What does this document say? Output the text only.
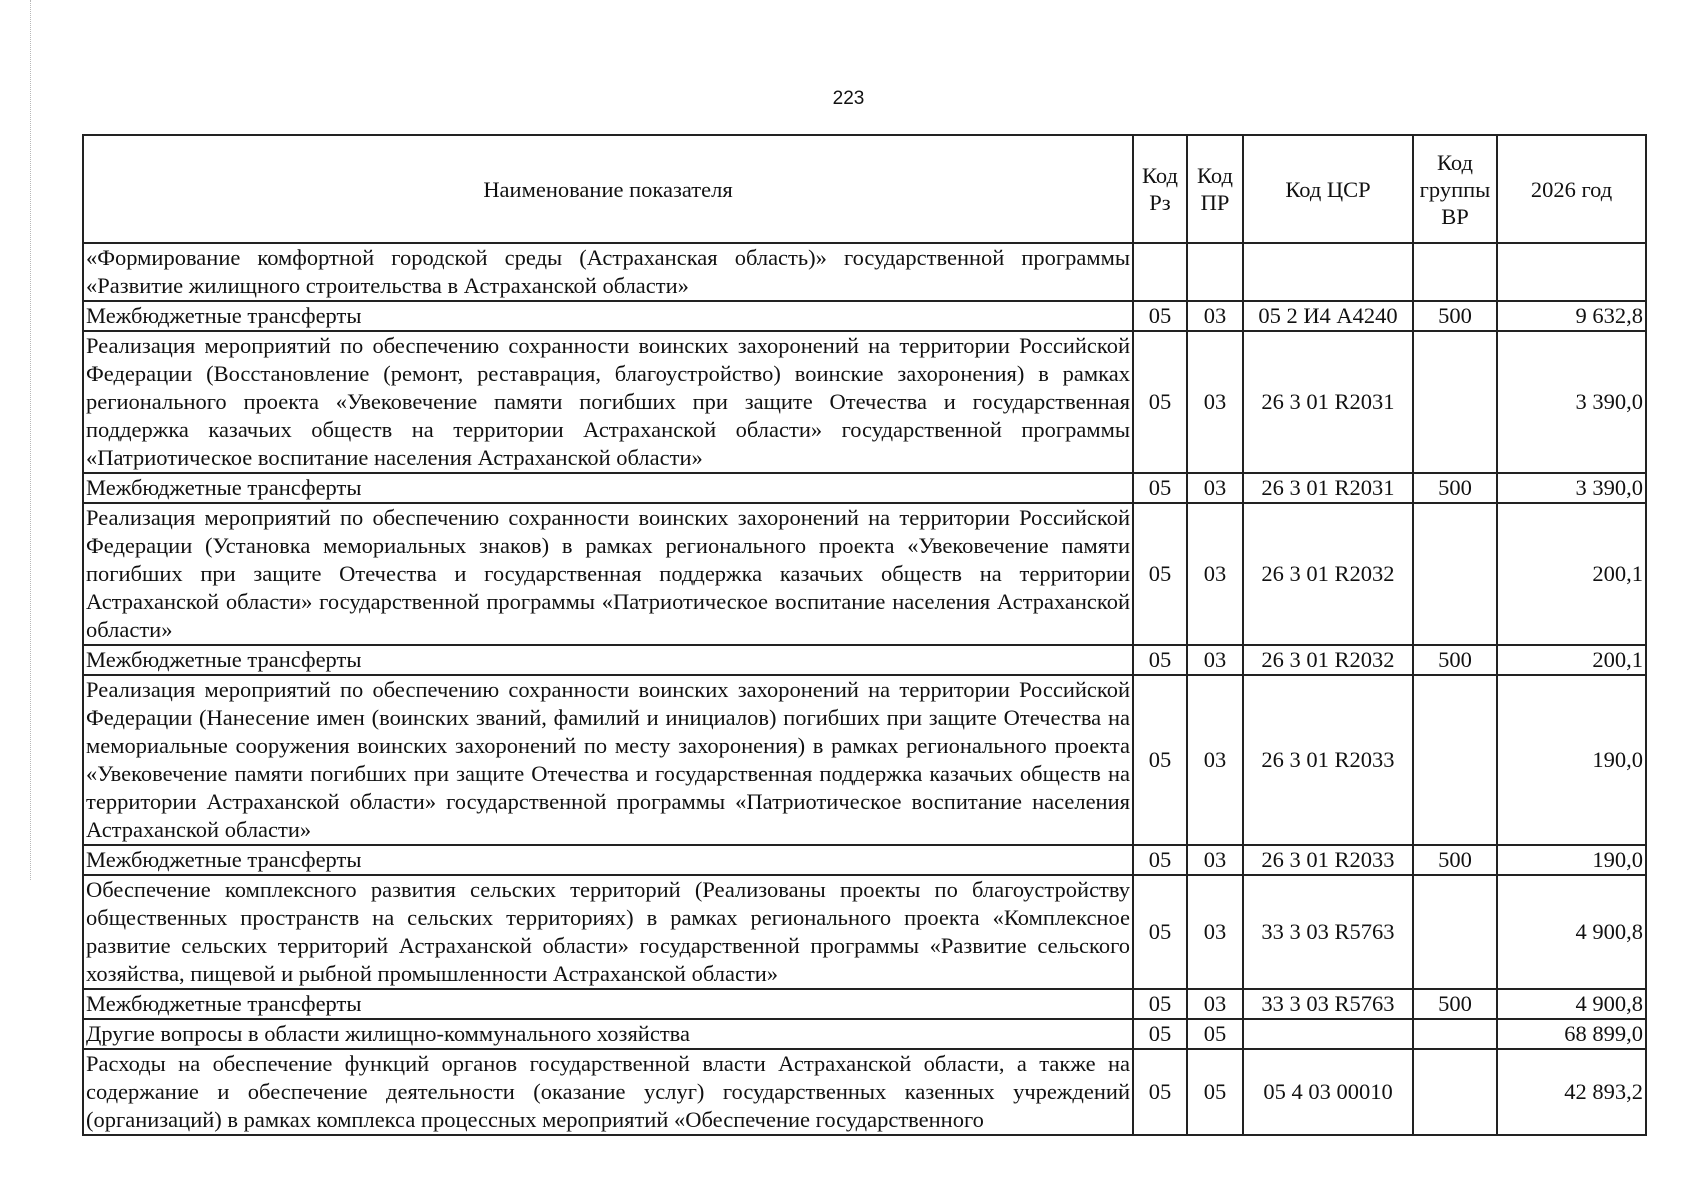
223
Наименование показателя	Код Рз	Код ПР	Код ЦСР	Код группы ВР	2026 год
«Формирование комфортной городской среды (Астраханская область)» государственной программы «Развитие жилищного строительства в Астраханской области»					
Межбюджетные трансферты	05	03	05 2 И4 А4240	500	9 632,8
Реализация мероприятий по обеспечению сохранности воинских захоронений на территории Российской Федерации (Восстановление (ремонт, реставрация, благоустройство) воинские захоронения) в рамках регионального проекта «Увековечение памяти погибших при защите Отечества и государственная поддержка казачьих обществ на территории Астраханской области» государственной программы «Патриотическое воспитание населения Астраханской области»	05	03	26 3 01 R2031		3 390,0
Межбюджетные трансферты	05	03	26 3 01 R2031	500	3 390,0
Реализация мероприятий по обеспечению сохранности воинских захоронений на территории Российской Федерации (Установка мемориальных знаков) в рамках регионального проекта «Увековечение памяти погибших при защите Отечества и государственная поддержка казачьих обществ на территории Астраханской области» государственной программы «Патриотическое воспитание населения Астраханской области»	05	03	26 3 01 R2032		200,1
Межбюджетные трансферты	05	03	26 3 01 R2032	500	200,1
Реализация мероприятий по обеспечению сохранности воинских захоронений на территории Российской Федерации (Нанесение имен (воинских званий, фамилий и инициалов) погибших при защите Отечества на мемориальные сооружения воинских захоронений по месту захоронения) в рамках регионального проекта «Увековечение памяти погибших при защите Отечества и государственная поддержка казачьих обществ на территории Астраханской области» государственной программы «Патриотическое воспитание населения Астраханской области»	05	03	26 3 01 R2033		190,0
Межбюджетные трансферты	05	03	26 3 01 R2033	500	190,0
Обеспечение комплексного развития сельских территорий (Реализованы проекты по благоустройству общественных пространств на сельских территориях) в рамках регионального проекта «Комплексное развитие сельских территорий Астраханской области» государственной программы «Развитие сельского хозяйства, пищевой и рыбной промышленности Астраханской области»	05	03	33 3 03 R5763		4 900,8
Межбюджетные трансферты	05	03	33 3 03 R5763	500	4 900,8
Другие вопросы в области жилищно-коммунального хозяйства	05	05			68 899,0
Расходы на обеспечение функций органов государственной власти Астраханской области, а также на содержание и обеспечение деятельности (оказание услуг) государственных казенных учреждений (организаций) в рамках комплекса процессных мероприятий «Обеспечение государственного	05	05	05 4 03 00010		42 893,2
